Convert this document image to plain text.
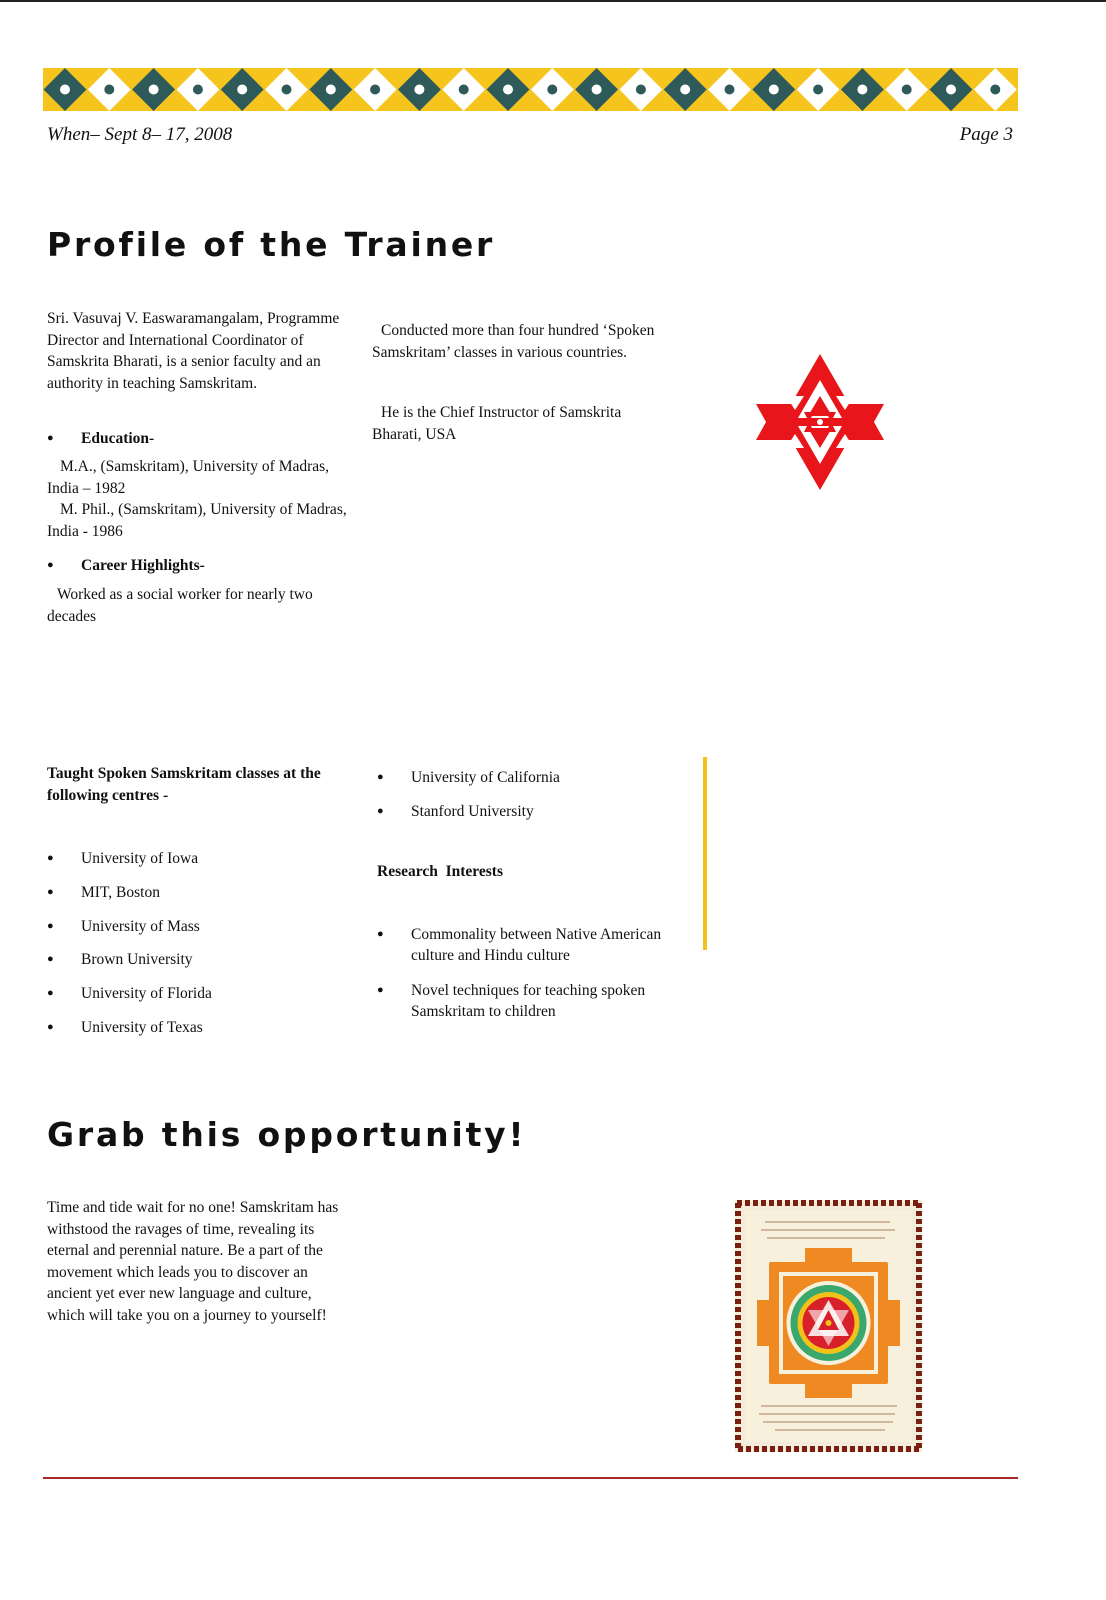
When– Sept 8– 17, 2008	Page 3
Profile of the Trainer

Sri. Vasuvaj V. Easwaramangalam, Programme Director and International Coordinator of Samskrita Bharati, is a senior faculty and an authority in teaching Samskritam.

●
Education-

M.A., (Samskritam), University of Madras, India – 1982

M. Phil., (Samskritam), University of Madras, India - 1986

●
Career Highlights-

Worked as a social worker for nearly two decades

Conducted more than four hundred ‘Spoken Samskritam’ classes in various countries.

He is the Chief Instructor of Samskrita Bharati, USA

Taught Spoken Samskritam classes at the following centres -
●
University of Iowa
●
MIT, Boston
●
University of Mass
●
Brown University
●
University of Florida
●
University of Texas
●
University of California
●
Stanford University
Research  Interests
●
Commonality between Native American culture and Hindu culture
●
Novel techniques for teaching spoken Samskritam to children
Grab this opportunity!

Time and tide wait for no one! Samskritam has withstood the ravages of time, revealing its eternal and perennial nature. Be a part of the movement which leads you to discover an ancient yet ever new language and culture, which will take you on a journey to yourself!
